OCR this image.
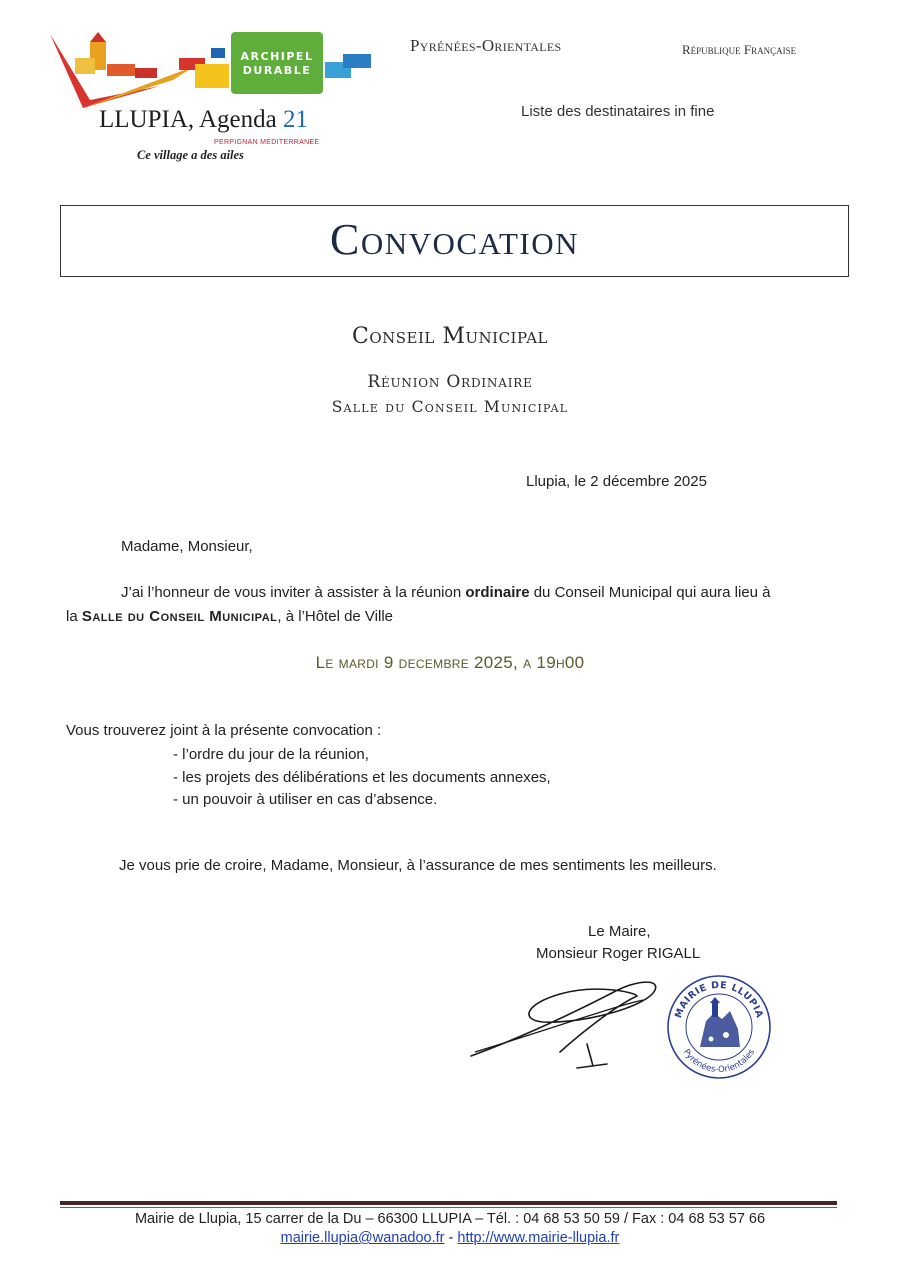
ARCHIPEL
DURABLE
LLUPIA, Agenda 21
PERPIGNAN MEDITERRANEE
Ce village a des ailes
Pyrénées-Orientales	République Française
Liste des destinataires in fine
Convocation
Conseil Municipal
Réunion Ordinaire
Salle du Conseil Municipal
Llupia, le 2 décembre 2025
Madame, Monsieur,
J’ai l’honneur de vous inviter à assister à la réunion ordinaire du Conseil Municipal qui aura lieu à
la Salle du Conseil Municipal, à l’Hôtel de Ville
Le mardi 9 decembre 2025, a 19h00
Vous trouverez joint à la présente convocation :
- l’ordre du jour de la réunion,
- les projets des délibérations et les documents annexes,
- un pouvoir à utiliser en cas d’absence.
Je vous prie de croire, Madame, Monsieur, à l’assurance de mes sentiments les meilleurs.
Le Maire,
Monsieur Roger RIGALL
MAIRIE DE LLUPIA
Pyrénées-Orientales
Mairie de Llupia, 15 carrer de la Du – 66300 LLUPIA – Tél. : 04 68 53 50 59 / Fax : 04 68 53 57 66
mairie.llupia@wanadoo.fr - http://www.mairie-llupia.fr
